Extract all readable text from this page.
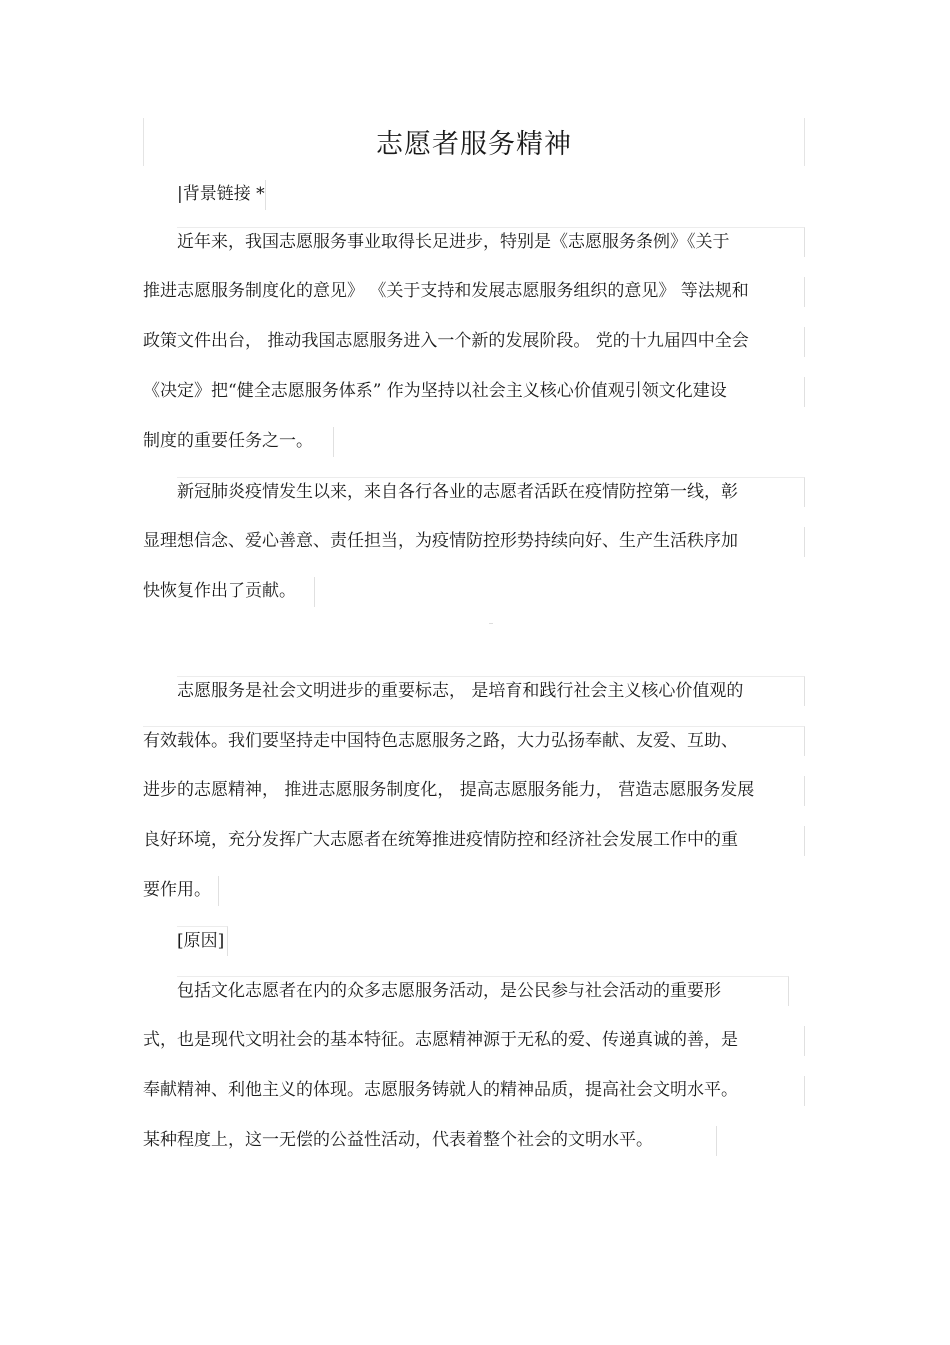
志愿者服务精神
|背景链接 *
近年来，我国志愿服务事业取得长足进步，特别是《志愿服务条例》《关于
推进志愿服务制度化的意见》 《关于支持和发展志愿服务组织的意见》 等法规和
政策文件出台， 推动我国志愿服务进入一个新的发展阶段。 党的十九届四中全会
《决定》把“健全志愿服务体系” 作为坚持以社会主义核心价值观引领文化建设
制度的重要任务之一。
新冠肺炎疫情发生以来，来自各行各业的志愿者活跃在疫情防控第一线，彰
显理想信念、爱心善意、责任担当，为疫情防控形势持续向好、生产生活秩序加
快恢复作出了贡献。
志愿服务是社会文明进步的重要标志， 是培育和践行社会主义核心价值观的
有效载体。我们要坚持走中国特色志愿服务之路，大力弘扬奉献、友爱、互助、
进步的志愿精神， 推进志愿服务制度化， 提高志愿服务能力， 营造志愿服务发展
良好环境，充分发挥广大志愿者在统筹推进疫情防控和经济社会发展工作中的重
要作用。
[原因]
包括文化志愿者在内的众多志愿服务活动，是公民参与社会活动的重要形
式，也是现代文明社会的基本特征。志愿精神源于无私的爱、传递真诚的善，是
奉献精神、利他主义的体现。志愿服务铸就人的精神品质，提高社会文明水平。
某种程度上，这一无偿的公益性活动，代表着整个社会的文明水平。
